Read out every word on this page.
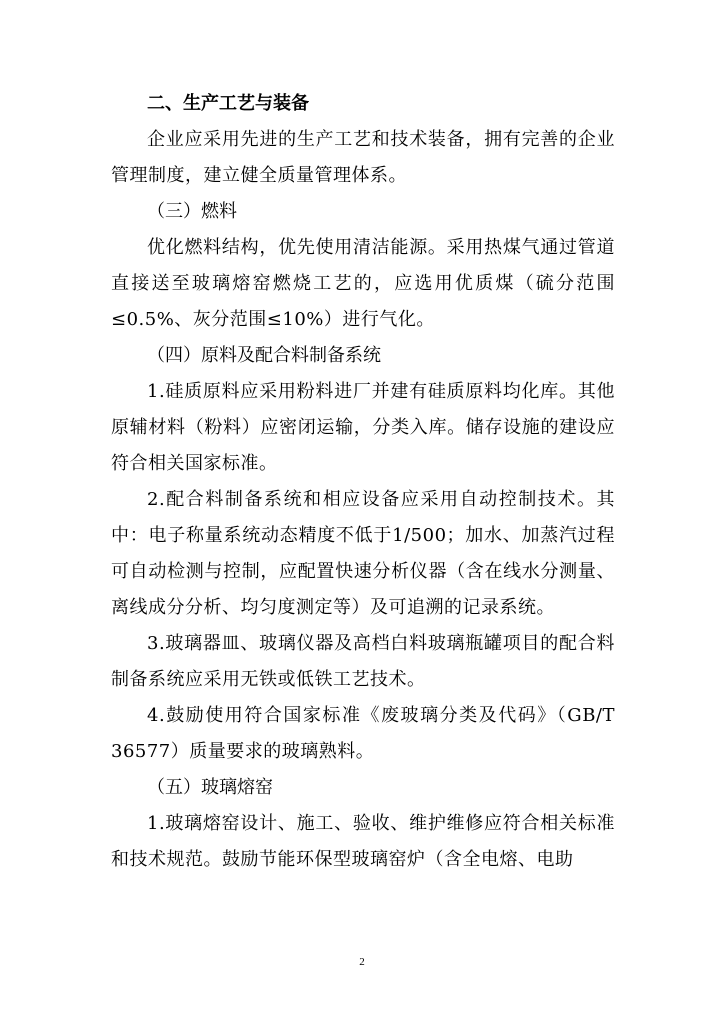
二、生产工艺与装备

企业应采用先进的生产工艺和技术装备，拥有完善的企业管理制度，建立健全质量管理体系。

（三）燃料

优化燃料结构，优先使用清洁能源。采用热煤气通过管道直接送至玻璃熔窑燃烧工艺的，应选用优质煤（硫分范围≤0.5%、灰分范围≤10%）进行气化。

（四）原料及配合料制备系统

1.硅质原料应采用粉料进厂并建有硅质原料均化库。其他原辅材料（粉料）应密闭运输，分类入库。储存设施的建设应符合相关国家标准。

2.配合料制备系统和相应设备应采用自动控制技术。其中：电子称量系统动态精度不低于1/500；加水、加蒸汽过程可自动检测与控制，应配置快速分析仪器（含在线水分测量、离线成分分析、均匀度测定等）及可追溯的记录系统。

3.玻璃器皿、玻璃仪器及高档白料玻璃瓶罐项目的配合料制备系统应采用无铁或低铁工艺技术。

4.鼓励使用符合国家标准《废玻璃分类及代码》（GB/T 36577）质量要求的玻璃熟料。

（五）玻璃熔窑

1.玻璃熔窑设计、施工、验收、维护维修应符合相关标准和技术规范。鼓励节能环保型玻璃窑炉（含全电熔、电助

2
